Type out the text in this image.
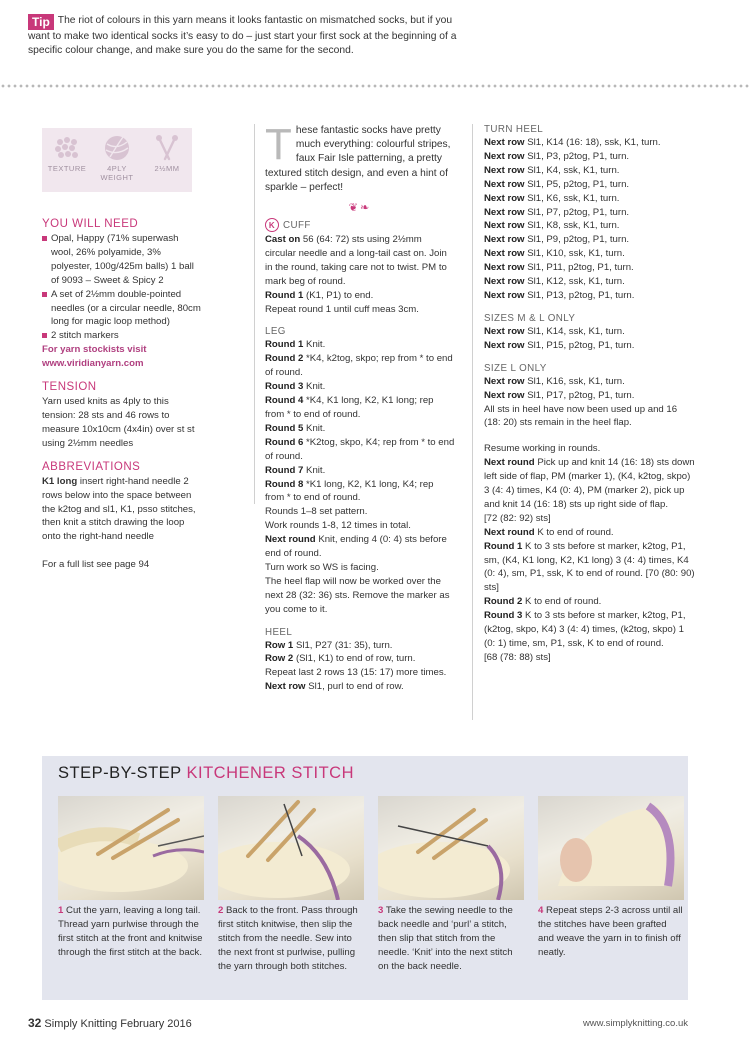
Tip The riot of colours in this yarn means it looks fantastic on mismatched socks, but if you want to make two identical socks it’s easy to do – just start your first sock at the beginning of a specific colour change, and make sure you do the same for the second.
TEXTURE	4PLY WEIGHT
2½MM
YOU WILL NEED
Opal, Happy (71% superwash wool, 26% polyamide, 3% polyester, 100g/425m balls) 1 ball of 9093 – Sweet & Spicy 2
A set of 2½mm double-pointed needles (or a circular needle, 80cm long for magic loop method)
2 stitch markers
For yarn stockists visit
www.viridianyarn.com
TENSION
Yarn used knits as 4ply to this tension: 28 sts and 46 rows to measure 10x10cm (4x4in) over st st using 2½mm needles
ABBREVIATIONS
K1 long insert right-hand needle 2 rows below into the space between the k2tog and sl1, K1, psso stitches, then knit a stitch drawing the loop onto the right-hand needle
For a full list see page 94
These fantastic socks have pretty much everything: colourful stripes, faux Fair Isle patterning, a pretty textured stitch design, and even a hint of sparkle – perfect!
❦❧
K CUFF
Cast on 56 (64: 72) sts using 2½mm circular needle and a long-tail cast on. Join in the round, taking care not to twist. PM to mark beg of round.
Round 1 (K1, P1) to end.
Repeat round 1 until cuff meas 3cm.
LEG
Round 1 Knit.
Round 2 *K4, k2tog, skpo; rep from * to end of round.
Round 3 Knit.
Round 4 *K4, K1 long, K2, K1 long; rep from * to end of round.
Round 5 Knit.
Round 6 *K2tog, skpo, K4; rep from * to end of round.
Round 7 Knit.
Round 8 *K1 long, K2, K1 long, K4; rep from * to end of round.
Rounds 1–8 set pattern.
Work rounds 1-8, 12 times in total.
Next round Knit, ending 4 (0: 4) sts before end of round.
Turn work so WS is facing.
The heel flap will now be worked over the next 28 (32: 36) sts. Remove the marker as you come to it.
HEEL
Row 1 Sl1, P27 (31: 35), turn.
Row 2 (Sl1, K1) to end of row, turn.
Repeat last 2 rows 13 (15: 17) more times.
Next row Sl1, purl to end of row.
TURN HEEL
Next row Sl1, K14 (16: 18), ssk, K1, turn.
Next row Sl1, P3, p2tog, P1, turn.
Next row Sl1, K4, ssk, K1, turn.
Next row Sl1, P5, p2tog, P1, turn.
Next row Sl1, K6, ssk, K1, turn.
Next row Sl1, P7, p2tog, P1, turn.
Next row Sl1, K8, ssk, K1, turn.
Next row Sl1, P9, p2tog, P1, turn.
Next row Sl1, K10, ssk, K1, turn.
Next row Sl1, P11, p2tog, P1, turn.
Next row Sl1, K12, ssk, K1, turn.
Next row Sl1, P13, p2tog, P1, turn.
SIZES M & L ONLY
Next row Sl1, K14, ssk, K1, turn.
Next row Sl1, P15, p2tog, P1, turn.
SIZE L ONLY
Next row Sl1, K16, ssk, K1, turn.
Next row Sl1, P17, p2tog, P1, turn.
All sts in heel have now been used up and 16 (18: 20) sts remain in the heel flap.
Resume working in rounds.
Next round Pick up and knit 14 (16: 18) sts down left side of flap, PM (marker 1), (K4, k2tog, skpo) 3 (4: 4) times, K4 (0: 4), PM (marker 2), pick up and knit 14 (16: 18) sts up right side of flap.
[72 (82: 92) sts]
Next round K to end of round.
Round 1 K to 3 sts before st marker, k2tog, P1, sm, (K4, K1 long, K2, K1 long) 3 (4: 4) times, K4 (0: 4), sm, P1, ssk, K to end of round. [70 (80: 90) sts]
Round 2 K to end of round.
Round 3 K to 3 sts before st marker, k2tog, P1, (k2tog, skpo, K4) 3 (4: 4) times, (k2tog, skpo) 1 (0: 1) time, sm, P1, ssk, K to end of round.
[68 (78: 88) sts]
STEP-BY-STEP KITCHENER STITCH
1 Cut the yarn, leaving a long tail. Thread yarn purlwise through the first stitch at the front and knitwise through the first stitch at the back.
2 Back to the front. Pass through first stitch knitwise, then slip the stitch from the needle. Sew into the next front st purlwise, pulling the yarn through both stitches.
3 Take the sewing needle to the back needle and ‘purl’ a stitch, then slip that stitch from the needle. ‘Knit’ into the next stitch on the back needle.
4 Repeat steps 2-3 across until all the stitches have been grafted and weave the yarn in to finish off neatly.
32 Simply Knitting February 2016	www.simplyknitting.co.uk
